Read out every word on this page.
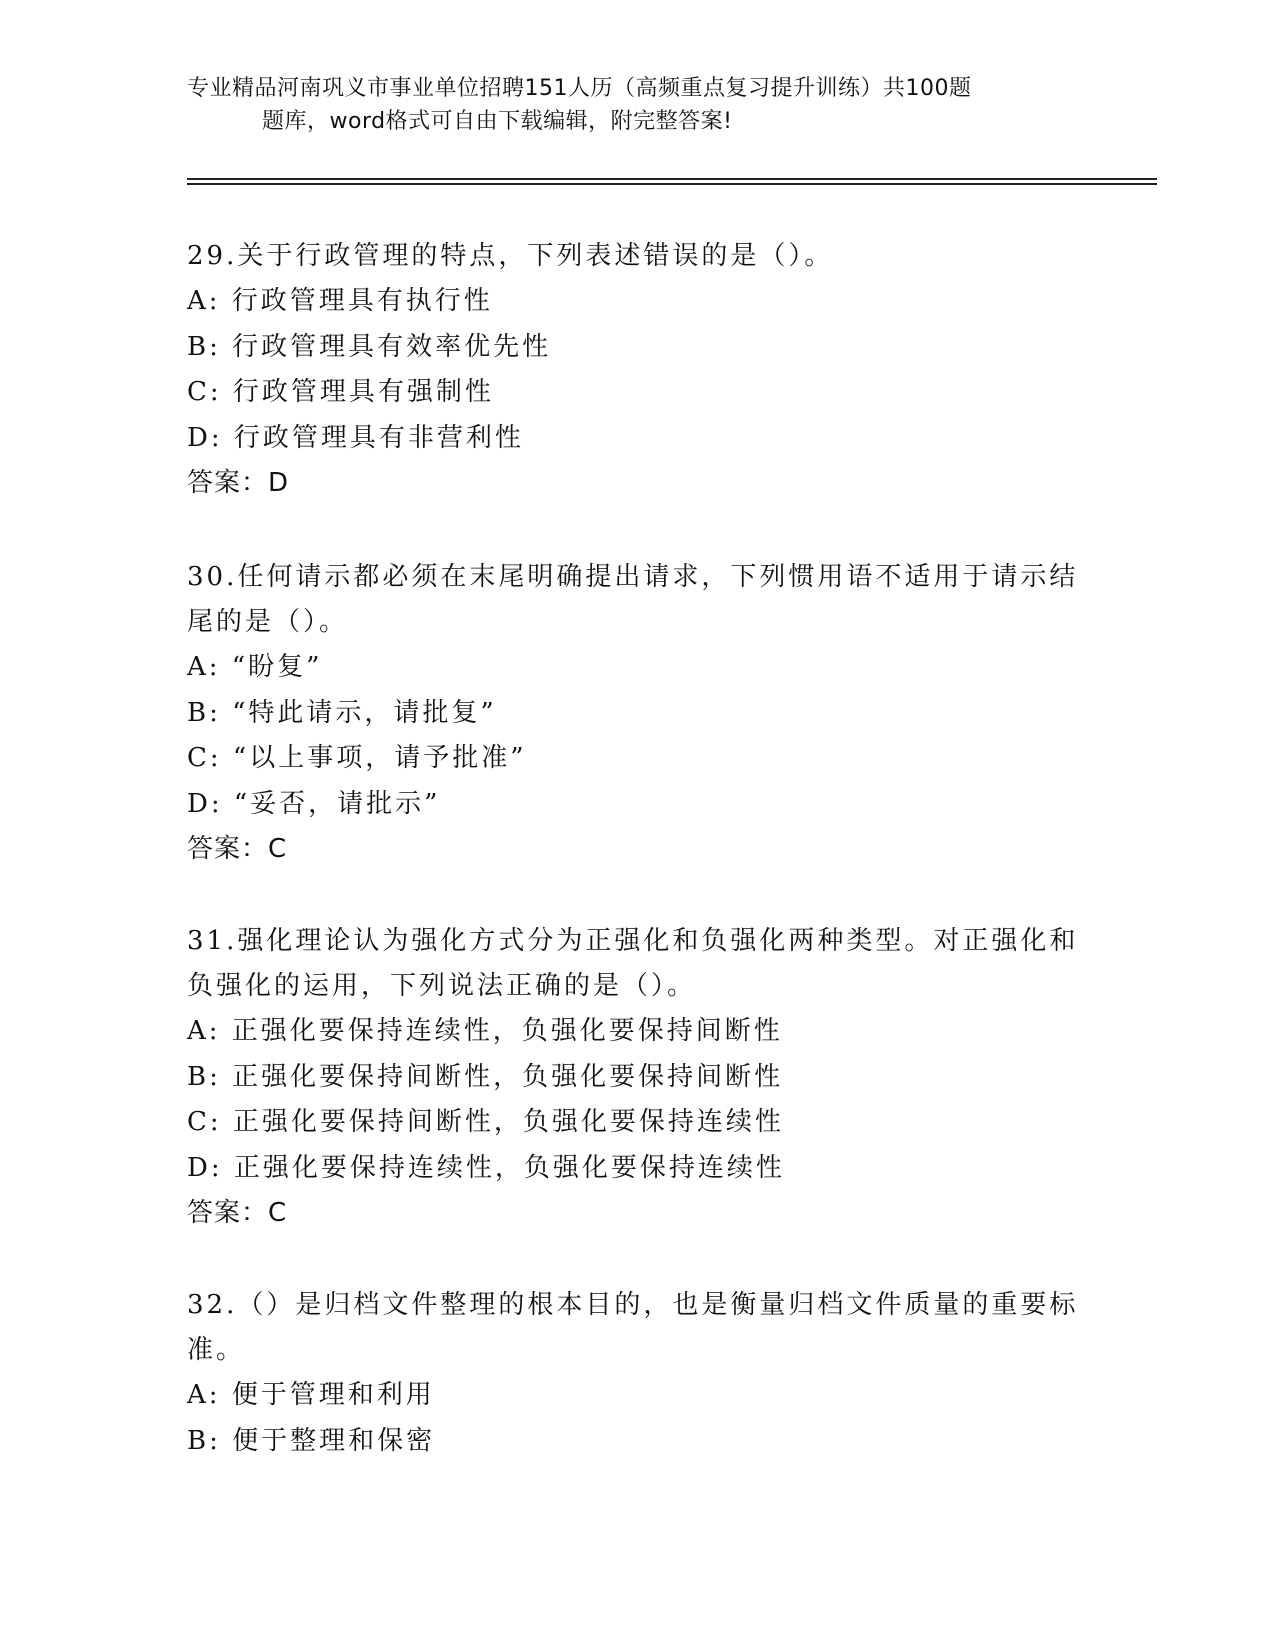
专业精品河南巩义市事业单位招聘151人历（高频重点复习提升训练）共100题
题库，word格式可自由下载编辑，附完整答案!

29.关于行政管理的特点，下列表述错误的是（）。

A: 行政管理具有执行性

B: 行政管理具有效率优先性

C: 行政管理具有强制性

D: 行政管理具有非营利性

答案：D

30.任何请示都必须在末尾明确提出请求，下列惯用语不适用于请示结尾的是（）。

A: “盼复”

B: “特此请示，请批复”

C: “以上事项，请予批准”

D: “妥否，请批示”

答案：C

31.强化理论认为强化方式分为正强化和负强化两种类型。对正强化和负强化的运用，下列说法正确的是（）。

A: 正强化要保持连续性，负强化要保持间断性

B: 正强化要保持间断性，负强化要保持间断性

C: 正强化要保持间断性，负强化要保持连续性

D: 正强化要保持连续性，负强化要保持连续性

答案：C

32.（）是归档文件整理的根本目的，也是衡量归档文件质量的重要标准。

A: 便于管理和利用

B: 便于整理和保密
